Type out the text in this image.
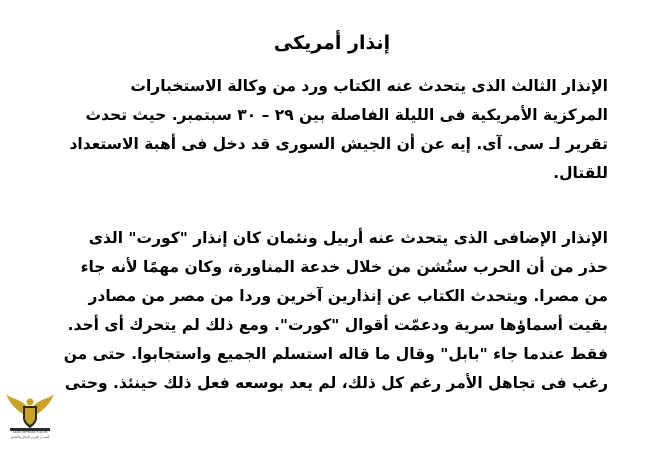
إنذار أمريكى

الإنذار الثالث الذى يتحدث عنه الكتاب ورد من وكالة الاستخبارات
المركزية الأمريكية فى الليلة الفاصلة بين ٢٩ – ٣٠ سبتمبر. حيث تحدث
تقرير لـ سى. آى. إيه عن أن الجيش السورى قد دخل فى أهبة الاستعداد
للقتال.

الإنذار الإضافى الذى يتحدث عنه أربيل ونئمان كان إنذار "كورت" الذى
حذر من أن الحرب ستُشن من خلال خدعة المناورة، وكان مهمًا لأنه جاء
من مصرا. ويتحدث الكتاب عن إنذارين آخرين وردا من مصر من مصادر
بقيت أسماؤها سرية ودعمّت أقوال "كورت". ومع ذلك لم يتحرك أى أحد.
فقط عندما جاء "بابل" وقال ما قاله استسلم الجميع واستجابوا. حتى من
رغب فى تجاهل الأمر رغم كل ذلك، لم يعد بوسعه فعل ذلك حينئذ. وحتى

ARAB DEFENSE FORUM
المنتدى العربي للدفاع والتسليح
